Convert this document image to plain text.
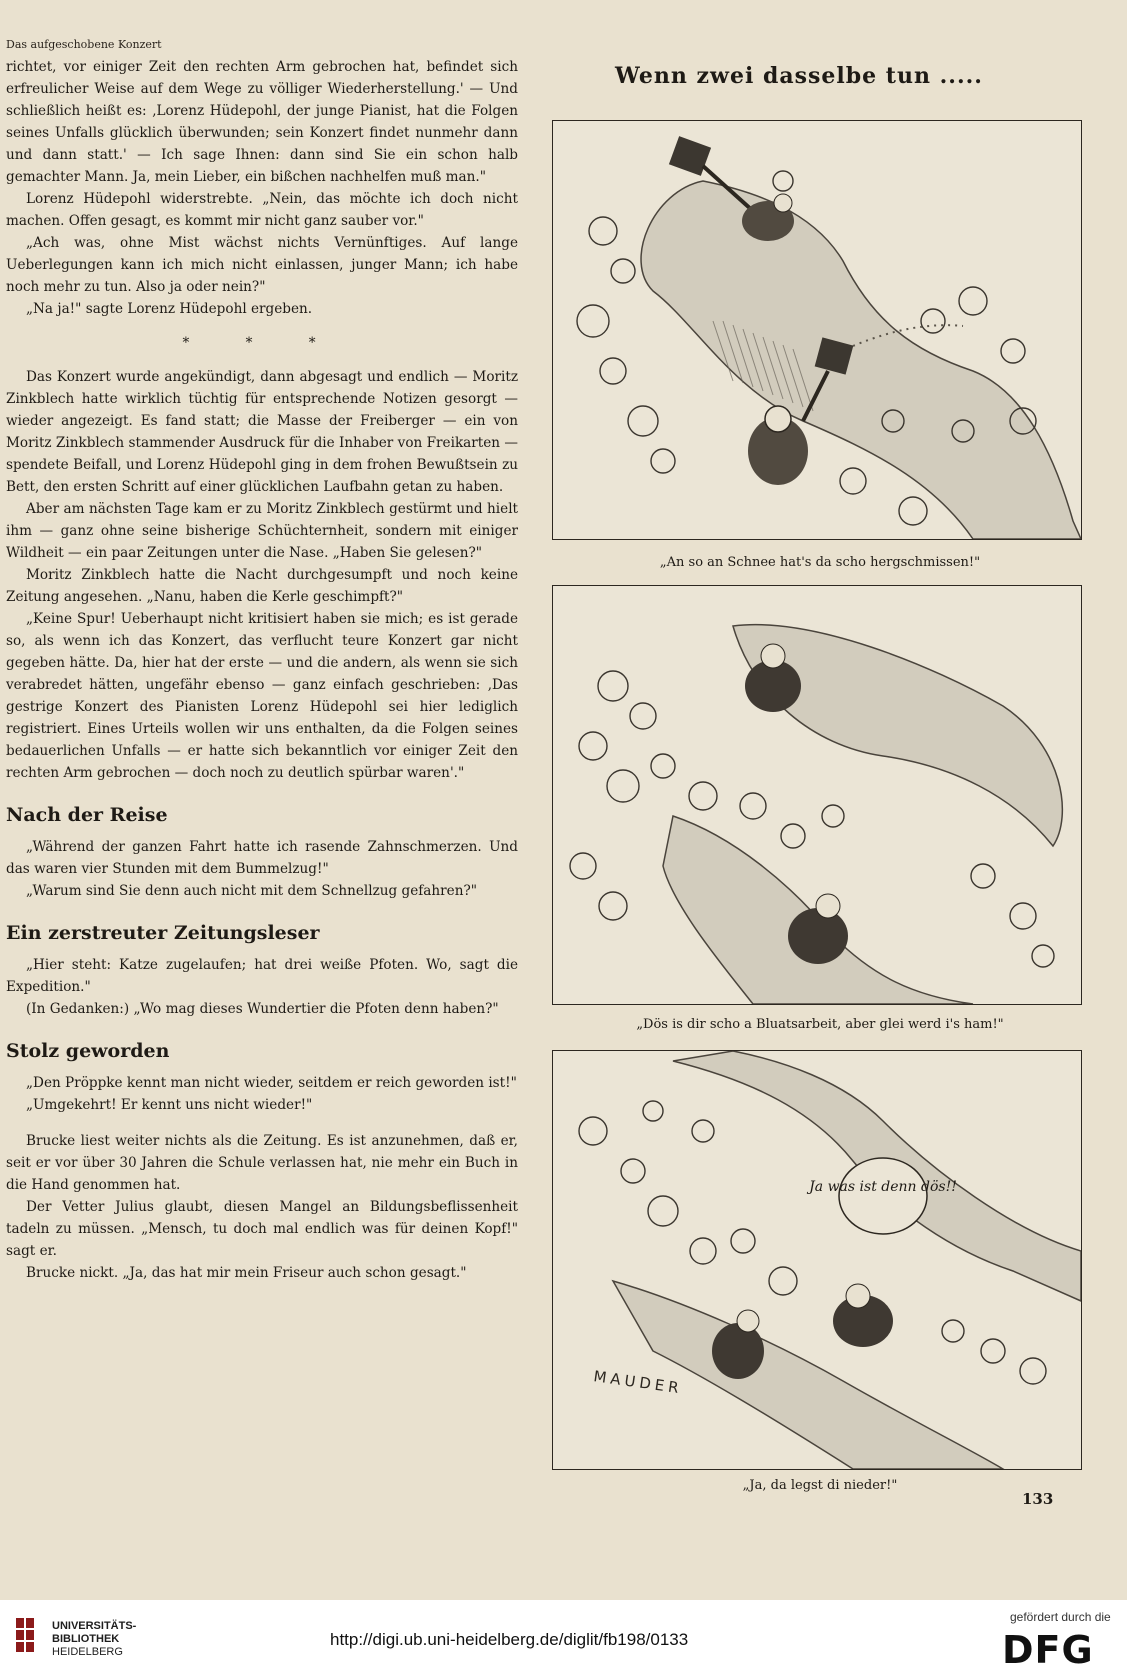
Das aufgeschobene Konzert

richtet, vor einiger Zeit den rechten Arm gebrochen hat, befindet sich erfreulicher Weise auf dem Wege zu völliger Wiederherstellung.' — Und schließlich heißt es: ‚Lorenz Hüdepohl, der junge Pianist, hat die Folgen seines Unfalls glücklich überwunden; sein Konzert findet nunmehr dann und dann statt.' — Ich sage Ihnen: dann sind Sie ein schon halb gemachter Mann. Ja, mein Lieber, ein bißchen nachhelfen muß man."

Lorenz Hüdepohl widerstrebte. „Nein, das möchte ich doch nicht machen. Offen gesagt, es kommt mir nicht ganz sauber vor."

„Ach was, ohne Mist wächst nichts Vernünftiges. Auf lange Ueberlegungen kann ich mich nicht einlassen, junger Mann; ich habe noch mehr zu tun. Also ja oder nein?"

„Na ja!" sagte Lorenz Hüdepohl ergeben.

* * *

Das Konzert wurde angekündigt, dann abgesagt und endlich — Moritz Zinkblech hatte wirklich tüchtig für entsprechende Notizen gesorgt — wieder angezeigt. Es fand statt; die Masse der Freiberger — ein von Moritz Zinkblech stammender Ausdruck für die Inhaber von Freikarten — spendete Beifall, und Lorenz Hüdepohl ging in dem frohen Bewußtsein zu Bett, den ersten Schritt auf einer glücklichen Laufbahn getan zu haben.

Aber am nächsten Tage kam er zu Moritz Zinkblech gestürmt und hielt ihm — ganz ohne seine bisherige Schüchternheit, sondern mit einiger Wildheit — ein paar Zeitungen unter die Nase. „Haben Sie gelesen?"

Moritz Zinkblech hatte die Nacht durchgesumpft und noch keine Zeitung angesehen. „Nanu, haben die Kerle geschimpft?"

„Keine Spur! Ueberhaupt nicht kritisiert haben sie mich; es ist gerade so, als wenn ich das Konzert, das verflucht teure Konzert gar nicht gegeben hätte. Da, hier hat der erste — und die andern, als wenn sie sich verabredet hätten, ungefähr ebenso — ganz einfach geschrieben: ‚Das gestrige Konzert des Pianisten Lorenz Hüdepohl sei hier lediglich registriert. Eines Urteils wollen wir uns enthalten, da die Folgen seines bedauerlichen Unfalls — er hatte sich bekanntlich vor einiger Zeit den rechten Arm gebrochen — doch noch zu deutlich spürbar waren'."

Nach der Reise

„Während der ganzen Fahrt hatte ich rasende Zahnschmerzen. Und das waren vier Stunden mit dem Bummelzug!"

„Warum sind Sie denn auch nicht mit dem Schnellzug gefahren?"

Ein zerstreuter Zeitungsleser

„Hier steht: Katze zugelaufen; hat drei weiße Pfoten. Wo, sagt die Expedition."

(In Gedanken:) „Wo mag dieses Wundertier die Pfoten denn haben?"

Stolz geworden

„Den Pröppke kennt man nicht wieder, seitdem er reich geworden ist!"

„Umgekehrt! Er kennt uns nicht wieder!"

Brucke liest weiter nichts als die Zeitung. Es ist anzunehmen, daß er, seit er vor über 30 Jahren die Schule verlassen hat, nie mehr ein Buch in die Hand genommen hat.

Der Vetter Julius glaubt, diesen Mangel an Bildungsbeflissenheit tadeln zu müssen. „Mensch, tu doch mal endlich was für deinen Kopf!" sagt er.

Brucke nickt. „Ja, das hat mir mein Friseur auch schon gesagt."

Wenn zwei dasselbe tun .....
„An so an Schnee hat's da scho hergschmissen!"
„Dös is dir scho a Bluatsarbeit, aber glei werd i's ham!"
Ja was ist denn dös!!
MAUDER
„Ja, da legst di nieder!"
133
UNIVERSITÄTS-
BIBLIOTHEK
HEIDELBERG
http://digi.ub.uni-heidelberg.de/diglit/fb198/0133
gefördert durch die
DFG
